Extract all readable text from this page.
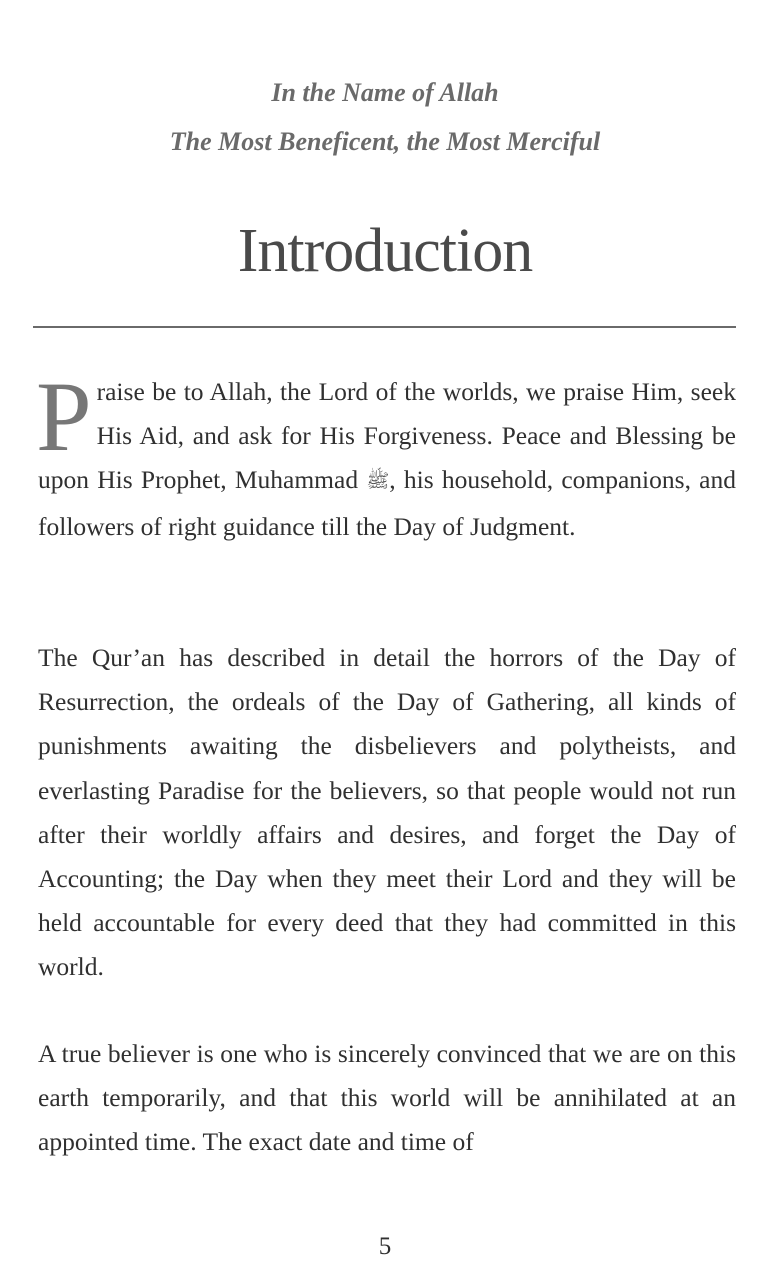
In the Name of Allah
The Most Beneficent, the Most Merciful
Introduction
Praise be to Allah, the Lord of the worlds, we praise Him, seek His Aid, and ask for His Forgiveness. Peace and Blessing be upon His Prophet, Muhammad ﷺ, his household, companions, and followers of right guidance till the Day of Judgment.
The Qur’an has described in detail the horrors of the Day of Resurrection, the ordeals of the Day of Gathering, all kinds of punishments awaiting the disbelievers and polytheists, and everlasting Paradise for the believers, so that people would not run after their worldly affairs and desires, and forget the Day of Accounting; the Day when they meet their Lord and they will be held accountable for every deed that they had committed in this world.
A true believer is one who is sincerely convinced that we are on this earth temporarily, and that this world will be annihilated at an appointed time. The exact date and time of
5
